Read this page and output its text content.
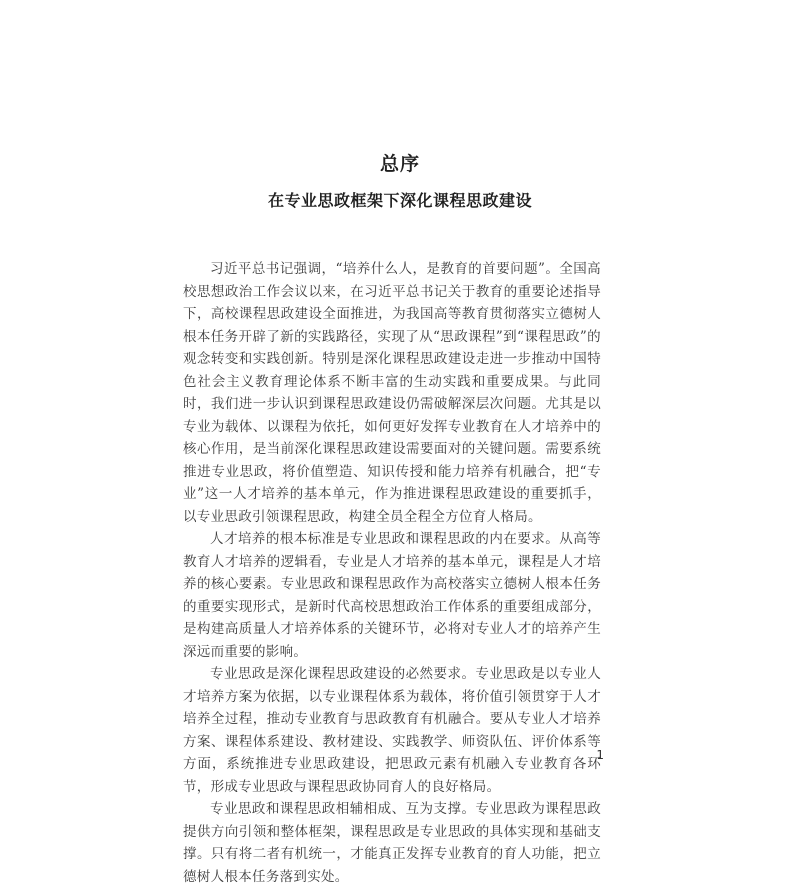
总序
在专业思政框架下深化课程思政建设

习近平总书记强调，“培养什么人，是教育的首要问题”。全国高校思想政治工作会议以来，在习近平总书记关于教育的重要论述指导下，高校课程思政建设全面推进，为我国高等教育贯彻落实立德树人根本任务开辟了新的实践路径，实现了从“思政课程”到“课程思政”的观念转变和实践创新。特别是深化课程思政建设走进一步推动中国特色社会主义教育理论体系不断丰富的生动实践和重要成果。与此同时，我们进一步认识到课程思政建设仍需破解深层次问题。尤其是以专业为载体、以课程为依托，如何更好发挥专业教育在人才培养中的核心作用，是当前深化课程思政建设需要面对的关键问题。需要系统推进专业思政，将价值塑造、知识传授和能力培养有机融合，把“专业”这一人才培养的基本单元，作为推进课程思政建设的重要抓手，以专业思政引领课程思政，构建全员全程全方位育人格局。

人才培养的根本标准是专业思政和课程思政的内在要求。从高等教育人才培养的逻辑看，专业是人才培养的基本单元，课程是人才培养的核心要素。专业思政和课程思政作为高校落实立德树人根本任务的重要实现形式，是新时代高校思想政治工作体系的重要组成部分，是构建高质量人才培养体系的关键环节，必将对专业人才的培养产生深远而重要的影响。

专业思政是深化课程思政建设的必然要求。专业思政是以专业人才培养方案为依据，以专业课程体系为载体，将价值引领贯穿于人才培养全过程，推动专业教育与思政教育有机融合。要从专业人才培养方案、课程体系建设、教材建设、实践教学、师资队伍、评价体系等方面，系统推进专业思政建设，把思政元素有机融入专业教育各环节，形成专业思政与课程思政协同育人的良好格局。

专业思政和课程思政相辅相成、互为支撑。专业思政为课程思政提供方向引领和整体框架，课程思政是专业思政的具体实现和基础支撑。只有将二者有机统一，才能真正发挥专业教育的育人功能，把立德树人根本任务落到实处。

1
